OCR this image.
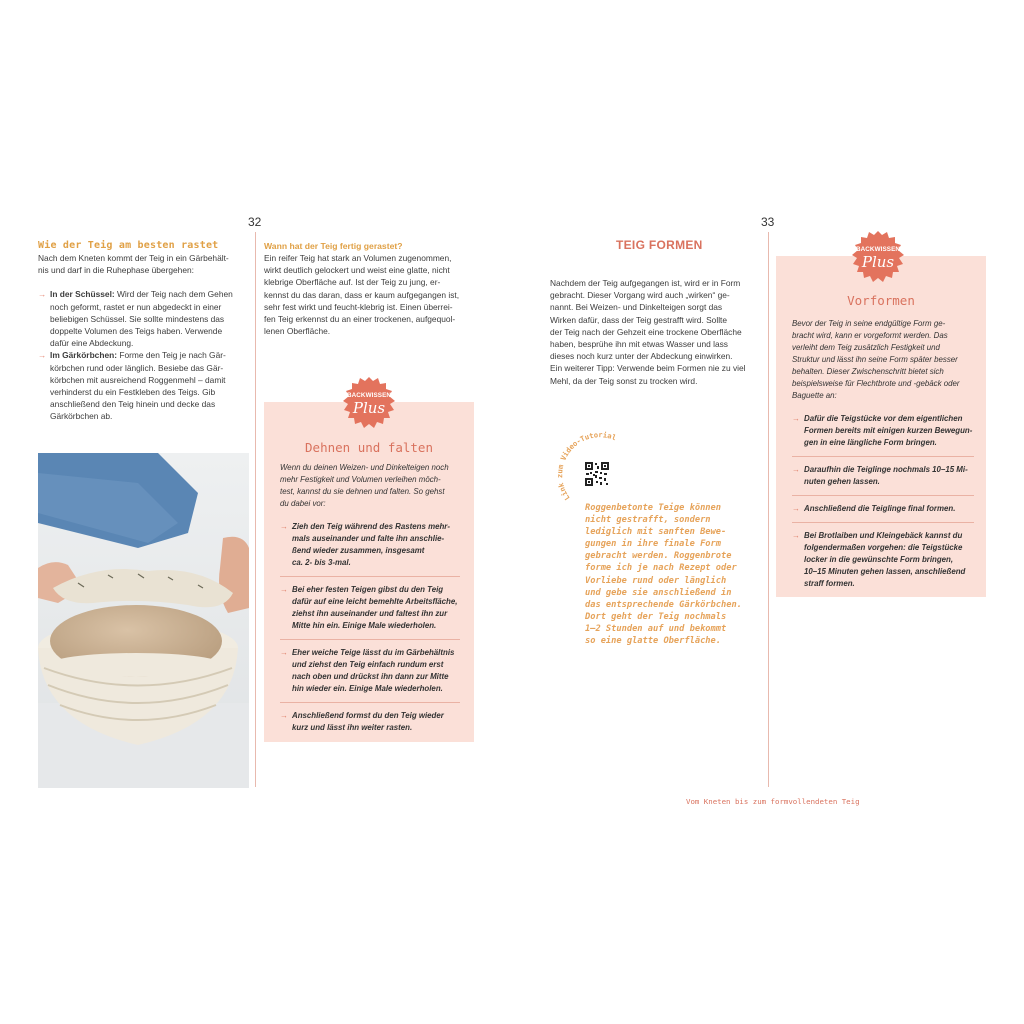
32
Wie der Teig am besten rastet

Nach dem Kneten kommt der Teig in ein Gärbehält-

nis und darf in die Ruhephase übergehen:

→ In der Schüssel: Wird der Teig nach dem Gehen

noch geformt, rastet er nun abgedeckt in einer

beliebigen Schüssel. Sie sollte mindestens das

doppelte Volumen des Teigs haben. Verwende

dafür eine Abdeckung.

→ Im Gärkörbchen: Forme den Teig je nach Gär-

körbchen rund oder länglich. Besiebe das Gär-

körbchen mit ausreichend Roggenmehl – damit

verhinderst du ein Festkleben des Teigs. Gib

anschließend den Teig hinein und decke das

Gärkörbchen ab.

Wann hat der Teig fertig gerastet?

Ein reifer Teig hat stark an Volumen zugenommen,

wirkt deutlich gelockert und weist eine glatte, nicht

klebrige Oberfläche auf. Ist der Teig zu jung, er-

kennst du das daran, dass er kaum aufgegangen ist,

sehr fest wirkt und feucht-klebrig ist. Einen überrei-

fen Teig erkennst du an einer trockenen, aufgequol-

lenen Oberfläche.

Dehnen und falten

Wenn du deinen Weizen- und Dinkelteigen noch

mehr Festigkeit und Volumen verleihen möch-

test, kannst du sie dehnen und falten. So gehst

du dabei vor:

→ Zieh den Teig während des Rastens mehr-

mals auseinander und falte ihn anschlie-

ßend wieder zusammen, insgesamt

ca. 2- bis 3-mal.

→ Bei eher festen Teigen gibst du den Teig

dafür auf eine leicht bemehlte Arbeitsfläche,

ziehst ihn auseinander und faltest ihn zur

Mitte hin ein. Einige Male wiederholen.

→ Eher weiche Teige lässt du im Gärbehältnis

und ziehst den Teig einfach rundum erst

nach oben und drückst ihn dann zur Mitte

hin wieder ein. Einige Male wiederholen.

→ Anschließend formst du den Teig wieder

kurz und lässt ihn weiter rasten.

BACKWISSEN
Plus
33
TEIG FORMEN

Nachdem der Teig aufgegangen ist, wird er in Form

gebracht. Dieser Vorgang wird auch „wirken“ ge-

nannt. Bei Weizen- und Dinkelteigen sorgt das

Wirken dafür, dass der Teig gestrafft wird. Sollte

der Teig nach der Gehzeit eine trockene Oberfläche

haben, besprühe ihn mit etwas Wasser und lass

dieses noch kurz unter der Abdeckung einwirken.

Ein weiterer Tipp: Verwende beim Formen nie zu viel

Mehl, da der Teig sonst zu trocken wird.

Link zum Video-Tutorial
Roggenbetonte Teige können
nicht gestrafft, sondern
lediglich mit sanften Bewe-
gungen in ihre finale Form
gebracht werden. Roggenbrote
forme ich je nach Rezept oder
Vorliebe rund oder länglich
und gebe sie anschließend in
das entsprechende Gärkörbchen.
Dort geht der Teig nochmals
1–2 Stunden auf und bekommt
so eine glatte Oberfläche.
Vorformen

Bevor der Teig in seine endgültige Form ge-

bracht wird, kann er vorgeformt werden. Das

verleiht dem Teig zusätzlich Festigkeit und

Struktur und lässt ihn seine Form später besser

behalten. Dieser Zwischenschritt bietet sich

beispielsweise für Flechtbrote und -gebäck oder

Baguette an:

→ Dafür die Teigstücke vor dem eigentlichen

Formen bereits mit einigen kurzen Bewegun-

gen in eine längliche Form bringen.

→ Daraufhin die Teiglinge nochmals 10–15 Mi-

nuten gehen lassen.

→ Anschließend die Teiglinge final formen.

→ Bei Brotlaiben und Kleingebäck kannst du

folgendermaßen vorgehen: die Teigstücke

locker in die gewünschte Form bringen,

10–15 Minuten gehen lassen, anschließend

straff formen.

BACKWISSEN
Plus
Vom Kneten bis zum formvollendeten Teig
